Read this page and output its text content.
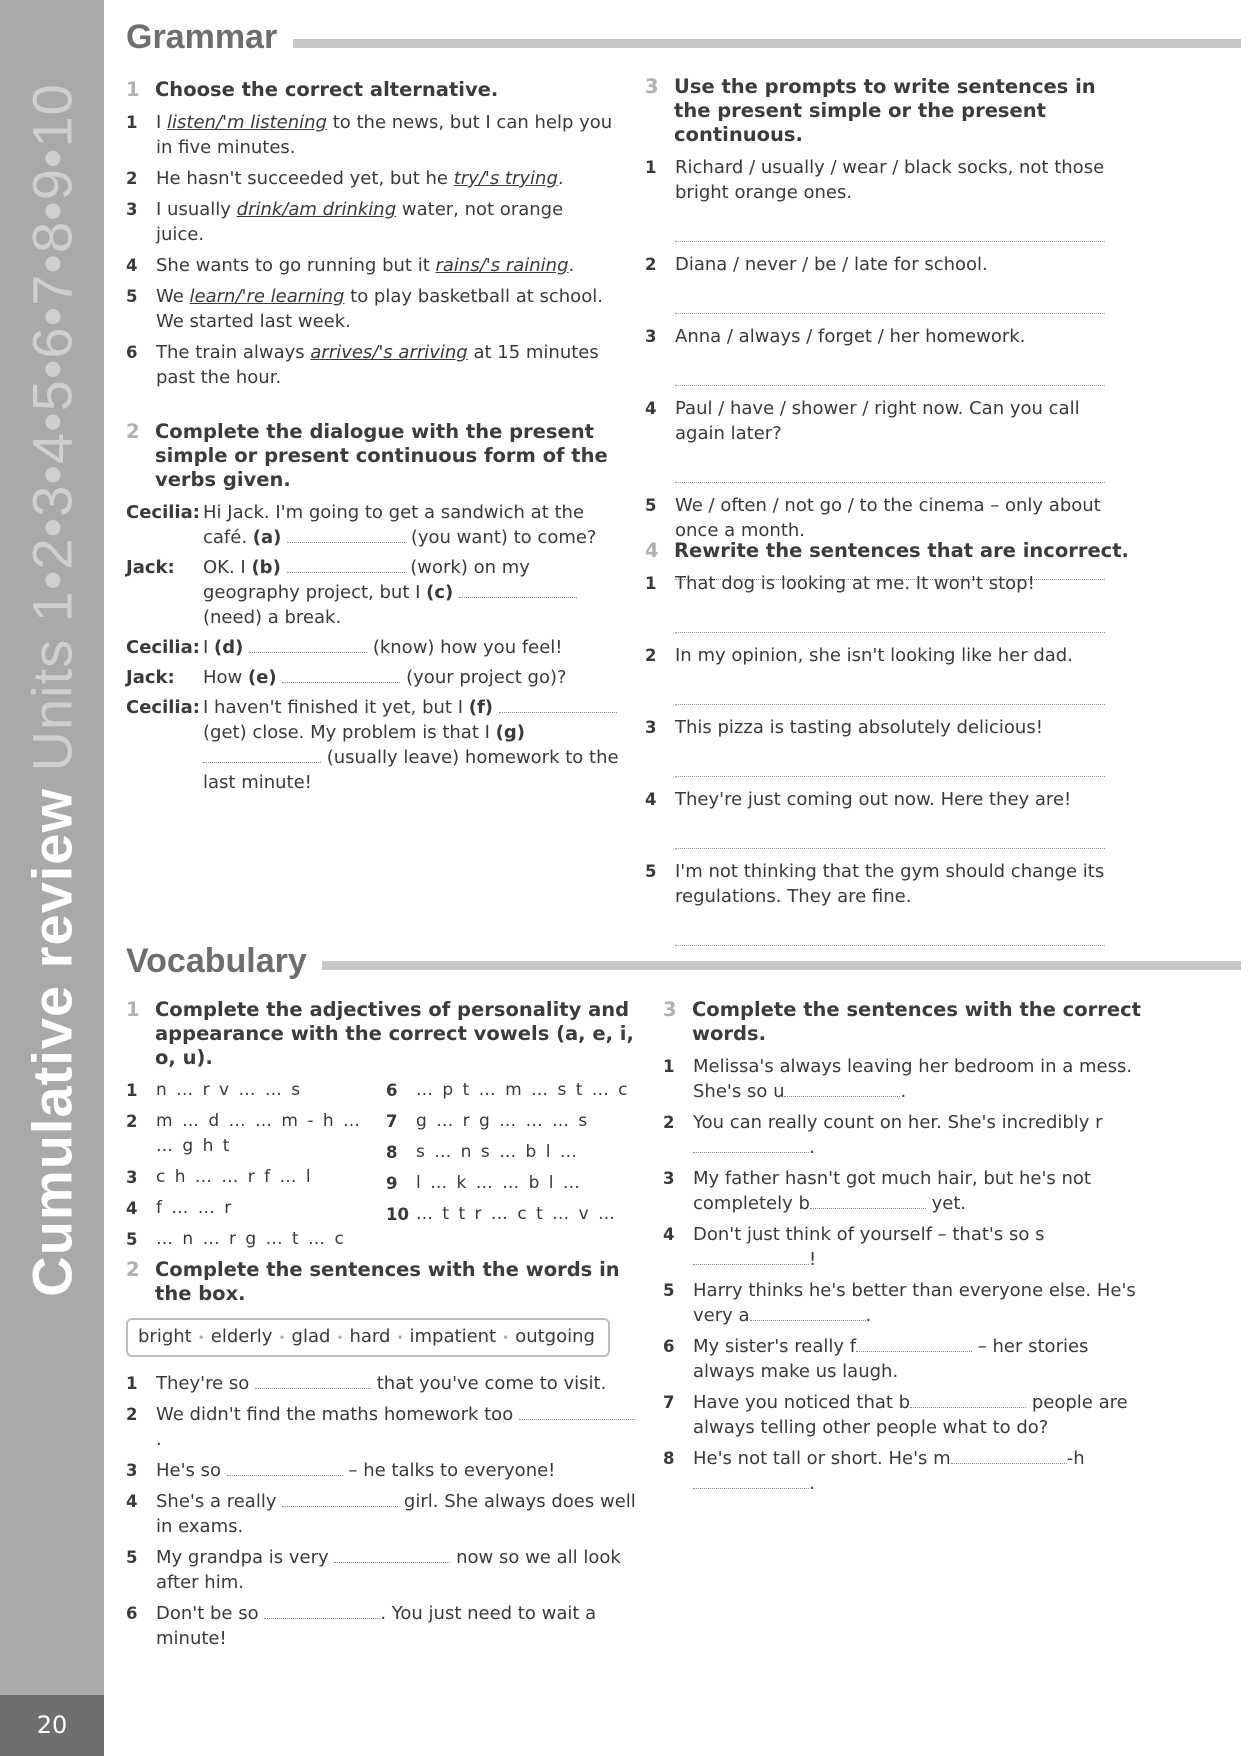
Cumulative review Units 1•2•3•4•5•6•7•8•9•10
20
Grammar
1 Choose the correct alternative.
1 I listen/'m listening to the news, but I can help you in five minutes.
2 He hasn't succeeded yet, but he try/'s trying.
3 I usually drink/am drinking water, not orange juice.
4 She wants to go running but it rains/'s raining.
5 We learn/'re learning to play basketball at school. We started last week.
6 The train always arrives/'s arriving at 15 minutes past the hour.
2 Complete the dialogue with the present simple or present continuous form of the verbs given.
Cecilia: Hi Jack. I'm going to get a sandwich at the café. (a)	(you want) to come?
Jack:	OK. I (b)	(work) on my geography project, but I (c)  (need) a break.
Cecilia: I (d)	(know) how you feel!
Jack:	How (e)	(your project go)?
Cecilia: I haven't finished it yet, but I (f)  (get) close. My problem is that I (g)  (usually leave) homework to the last minute!
3 Use the prompts to write sentences in the present simple or the present continuous.
1 Richard / usually / wear / black socks, not those bright orange ones.
2 Diana / never / be / late for school.
3 Anna / always / forget / her homework.
4 Paul / have / shower / right now. Can you call again later?
5 We / often / not go / to the cinema – only about once a month.
4 Rewrite the sentences that are incorrect.
1 That dog is looking at me. It won't stop!
2 In my opinion, she isn't looking like her dad.
3 This pizza is tasting absolutely delicious!
4 They're just coming out now. Here they are!
5 I'm not thinking that the gym should change its regulations. They are fine.
Vocabulary
1 Complete the adjectives of personality and appearance with the correct vowels (a, e, i, o, u).
1 n … r v … … s
2 m … d … … m - h … … g h t
3 c h … … r f … l
4 f … … r
5 … n … r g … t … c
6 … p t … m … s t … c
7 g … r g … … … s
8 s … n s … b l …
9 l … k … … b l …
10 … t t r … c t … v …
2 Complete the sentences with the words in the box.
bright • elderly • glad • hard • impatient • outgoing
1 They're so	that you've come to visit.
2 We didn't find the maths homework too .
3 He's so	– he talks to everyone!
4 She's a really	girl. She always does well in exams.
5 My grandpa is very	now so we all look after him.
6 Don't be so	. You just need to wait a minute!
3 Complete the sentences with the correct words.
1 Melissa's always leaving her bedroom in a mess. She's so u	.
2 You can really count on her. She's incredibly r.
3 My father hasn't got much hair, but he's not completely b	yet.
4 Don't just think of yourself – that's so s!
5 Harry thinks he's better than everyone else. He's very a	.
6 My sister's really f	– her stories always make us laugh.
7 Have you noticed that b	people are always telling other people what to do?
8 He's not tall or short. He's m	-h.
